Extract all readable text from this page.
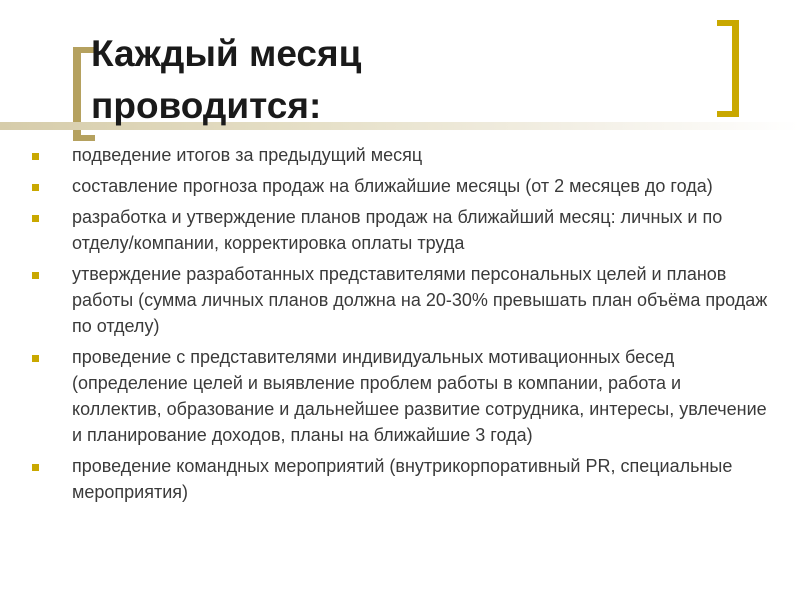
Каждый месяц
проводится:
подведение итогов за предыдущий месяц
составление прогноза продаж на ближайшие месяцы (от 2 месяцев до года)
разработка и утверждение планов продаж на ближайший месяц: личных и по отделу/компании, корректировка оплаты труда
утверждение разработанных представителями персональных целей и планов работы (сумма личных планов должна на 20-30% превышать план объёма продаж по отделу)
проведение с представителями индивидуальных мотивационных бесед (определение целей и выявление проблем работы в компании, работа и коллектив, образование и дальнейшее развитие сотрудника, интересы, увлечение и планирование доходов, планы на ближайшие 3 года)
проведение командных мероприятий (внутрикорпоративный PR, специальные мероприятия)
